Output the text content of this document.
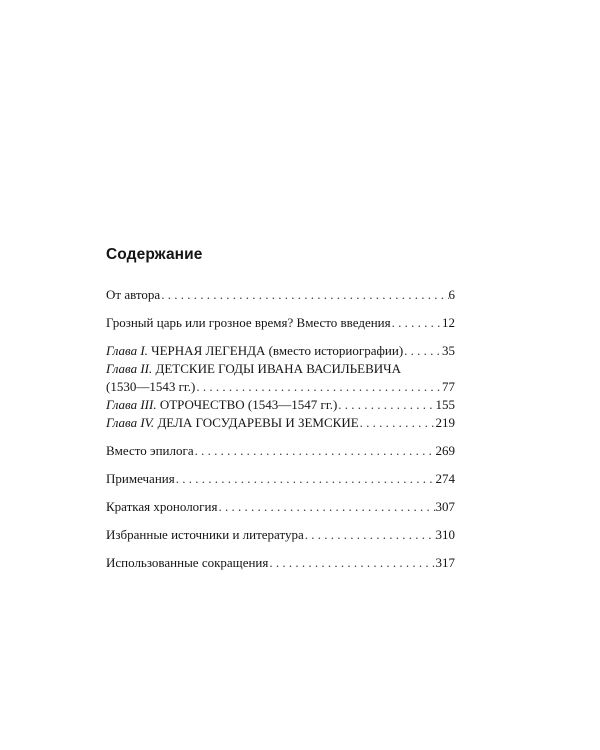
Содержание
От автора . . .	6
Грозный царь или грозное время? Вместо введения . . .	12
Глава I. ЧЕРНАЯ ЛЕГЕНДА (вместо историографии) . . .	35
Глава II. ДЕТСКИЕ ГОДЫ ИВАНА ВАСИЛЬЕВИЧА
(1530—1543 гг.) . . .	77
Глава III. ОТРОЧЕСТВО (1543—1547 гг.) . . .	155
Глава IV. ДЕЛА ГОСУДАРЕВЫ И ЗЕМСКИЕ . . .	219
Вместо эпилога . . .	269
Примечания . . .	274
Краткая хронология . . .	307
Избранные источники и литература . . .	310
Использованные сокращения . . .	317
